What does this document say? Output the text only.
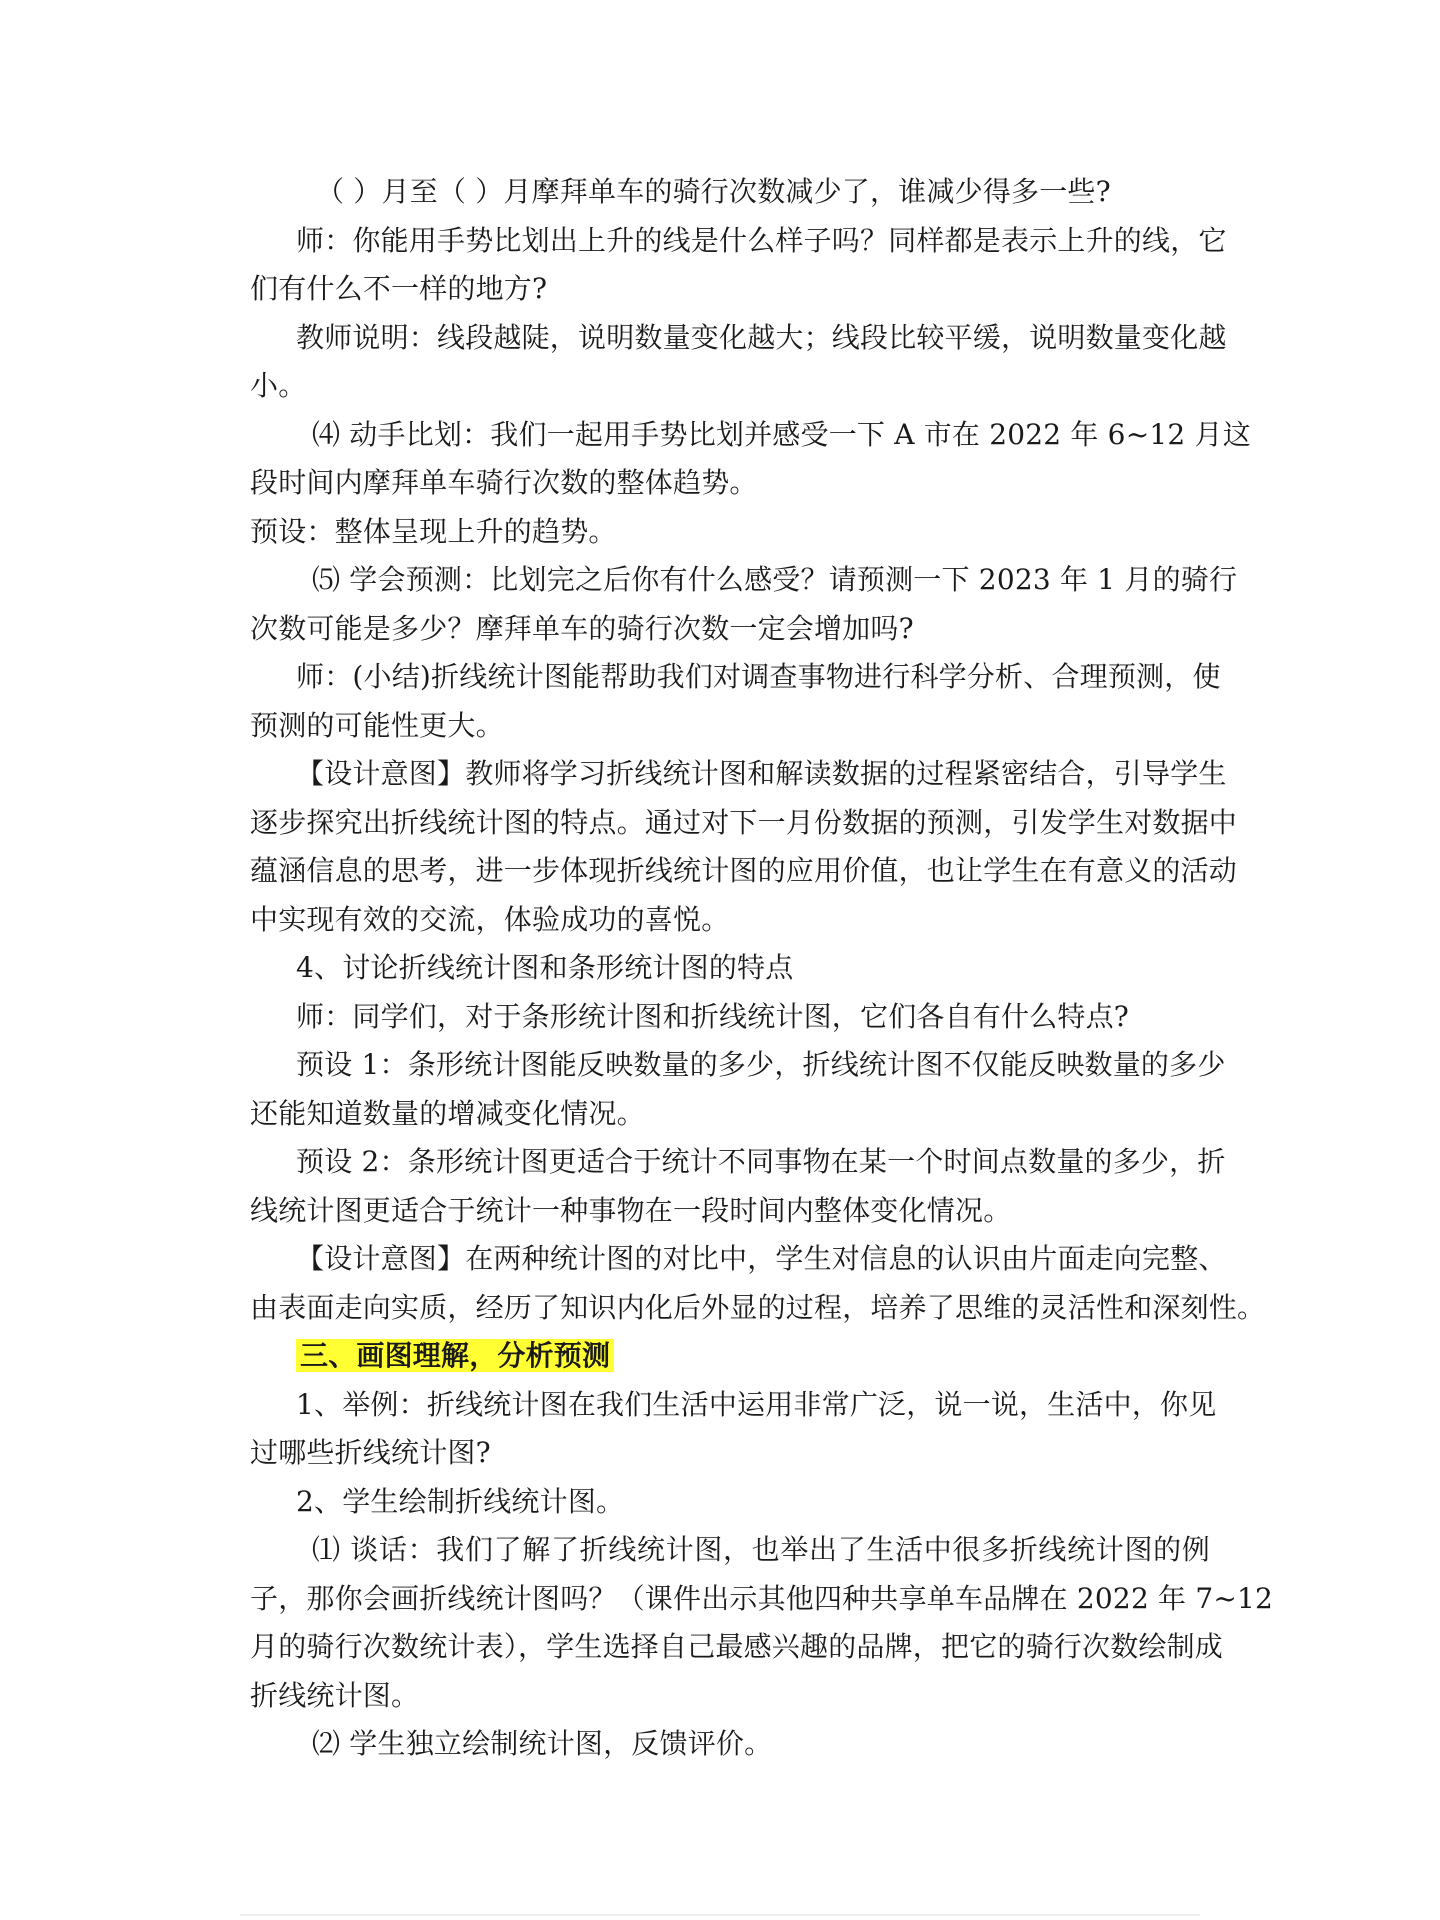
（ ）月至（ ）月摩拜单车的骑行次数减少了，谁减少得多一些?
师：你能用手势比划出上升的线是什么样子吗？同样都是表示上升的线，它
们有什么不一样的地方?
教师说明：线段越陡，说明数量变化越大；线段比较平缓，说明数量变化越
小。
⑷ 动手比划：我们一起用手势比划并感受一下 A 市在 2022 年 6~12 月这
段时间内摩拜单车骑行次数的整体趋势。
预设：整体呈现上升的趋势。
⑸ 学会预测：比划完之后你有什么感受？请预测一下 2023 年 1 月的骑行
次数可能是多少？摩拜单车的骑行次数一定会增加吗?
师：(小结)折线统计图能帮助我们对调查事物进行科学分析、合理预测，使
预测的可能性更大。
【设计意图】教师将学习折线统计图和解读数据的过程紧密结合，引导学生
逐步探究出折线统计图的特点。通过对下一月份数据的预测，引发学生对数据中
蕴涵信息的思考，进一步体现折线统计图的应用价值，也让学生在有意义的活动
中实现有效的交流，体验成功的喜悦。
4、讨论折线统计图和条形统计图的特点
师：同学们，对于条形统计图和折线统计图，它们各自有什么特点?
预设 1：条形统计图能反映数量的多少，折线统计图不仅能反映数量的多少
还能知道数量的增减变化情况。
预设 2：条形统计图更适合于统计不同事物在某一个时间点数量的多少，折
线统计图更适合于统计一种事物在一段时间内整体变化情况。
【设计意图】在两种统计图的对比中，学生对信息的认识由片面走向完整、
由表面走向实质，经历了知识内化后外显的过程，培养了思维的灵活性和深刻性。
三、画图理解，分析预测
1、举例：折线统计图在我们生活中运用非常广泛，说一说，生活中，你见
过哪些折线统计图?
2、学生绘制折线统计图。
⑴ 谈话：我们了解了折线统计图，也举出了生活中很多折线统计图的例
子，那你会画折线统计图吗？（课件出示其他四种共享单车品牌在 2022 年 7~12
月的骑行次数统计表），学生选择自己最感兴趣的品牌，把它的骑行次数绘制成
折线统计图。
⑵ 学生独立绘制统计图，反馈评价。
